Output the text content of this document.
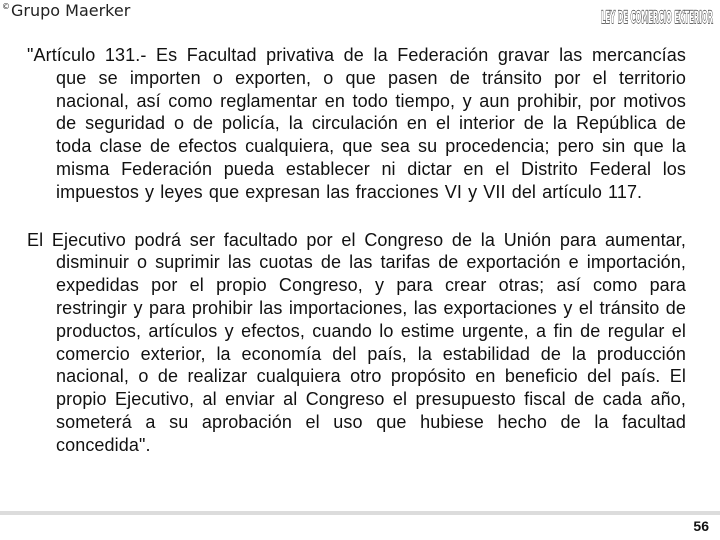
©Grupo Maerker	LEY DE COMERCIO EXTERIOR

"Artículo 131.- Es Facultad privativa de la Federación gravar las mercancías que se importen o exporten, o que pasen de tránsito por el territorio nacional, así como reglamentar en todo tiempo, y aun prohibir, por motivos de seguridad o de policía, la circulación en el interior de la República de toda clase de efectos cualquiera, que sea su procedencia; pero sin que la misma Federación pueda establecer ni dictar en el Distrito Federal los impuestos y leyes que expresan las fracciones VI y VII del artículo 117.

El Ejecutivo podrá ser facultado por el Congreso de la Unión para aumentar, disminuir o suprimir las cuotas de las tarifas de exportación e importación, expedidas por el propio Congreso, y para crear otras; así como para restringir y para prohibir las importaciones, las exportaciones y el tránsito de productos, artículos y efectos, cuando lo estime urgente, a fin de regular el comercio exterior, la economía del país, la estabilidad de la producción nacional, o de realizar cualquiera otro propósito en beneficio del país. El propio Ejecutivo, al enviar al Congreso el presupuesto fiscal de cada año, someterá a su aprobación el uso que hubiese hecho de la facultad concedida".

56
